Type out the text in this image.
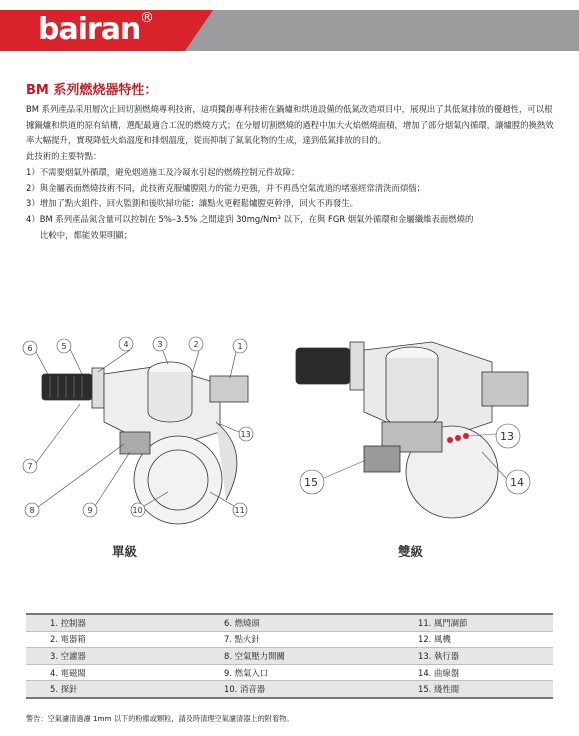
bairan ®
BM 系列燃烧器特性：

BM 系列產品采用層次止回切割燃燒專利技術，這項獨創專利技術在鍋爐和烘道設備的低氮改造項目中，展現出了其低氮排放的優越性，可以根據鍋爐和烘道的原有結構，選配最適合工況的燃燒方式；在分層切割燃燒的過程中加大火焰燃燒面積，增加了部分烟氣內循環，讓爐膛的換熱效率大幅提升，實現降低火焰溫度和排烟溫度，從而抑制了氮氧化物的生成，達到低氮排放的目的。

此技術的主要特點：

1）不需要烟氣外循環，避免烟道施工及冷凝水引起的燃燒控制元件故障；

2）與金屬表面燃燒技術不同，此技術克服爐膛阻力的能力更強，并不再爲空氣流道的堵塞經常清洗而煩惱；

3）增加了點火組件、回火監測和後吹掃功能；讓點火更輕鬆爐膛更幹淨，回火不再發生。

4）BM 系列產品氮含量可以控制在 5%–3.5% 之間達到 30mg/Nm³ 以下，在與 FGR 烟氣外循環和金屬纖維表面燃燒的

比較中，都能效果明顯；

6	5	4	3	2	1
13
7
8	9	10	11
單級
13
15	14
雙級
1. 控制器	6. 燃燒頭	11. 風門調節
2. 電器箱	7. 點火針	12. 風機
3. 空濾器	8. 空氣壓力開關	13. 執行器
4. 電磁閥	9. 燃氣入口	14. 曲線盤
5. 探針	10. 消音器	15. 綫性閥
警告：空氣濾清過濾 1mm 以下的粉塵或顆粒，請及時清理空氣濾清器上的附着物。
